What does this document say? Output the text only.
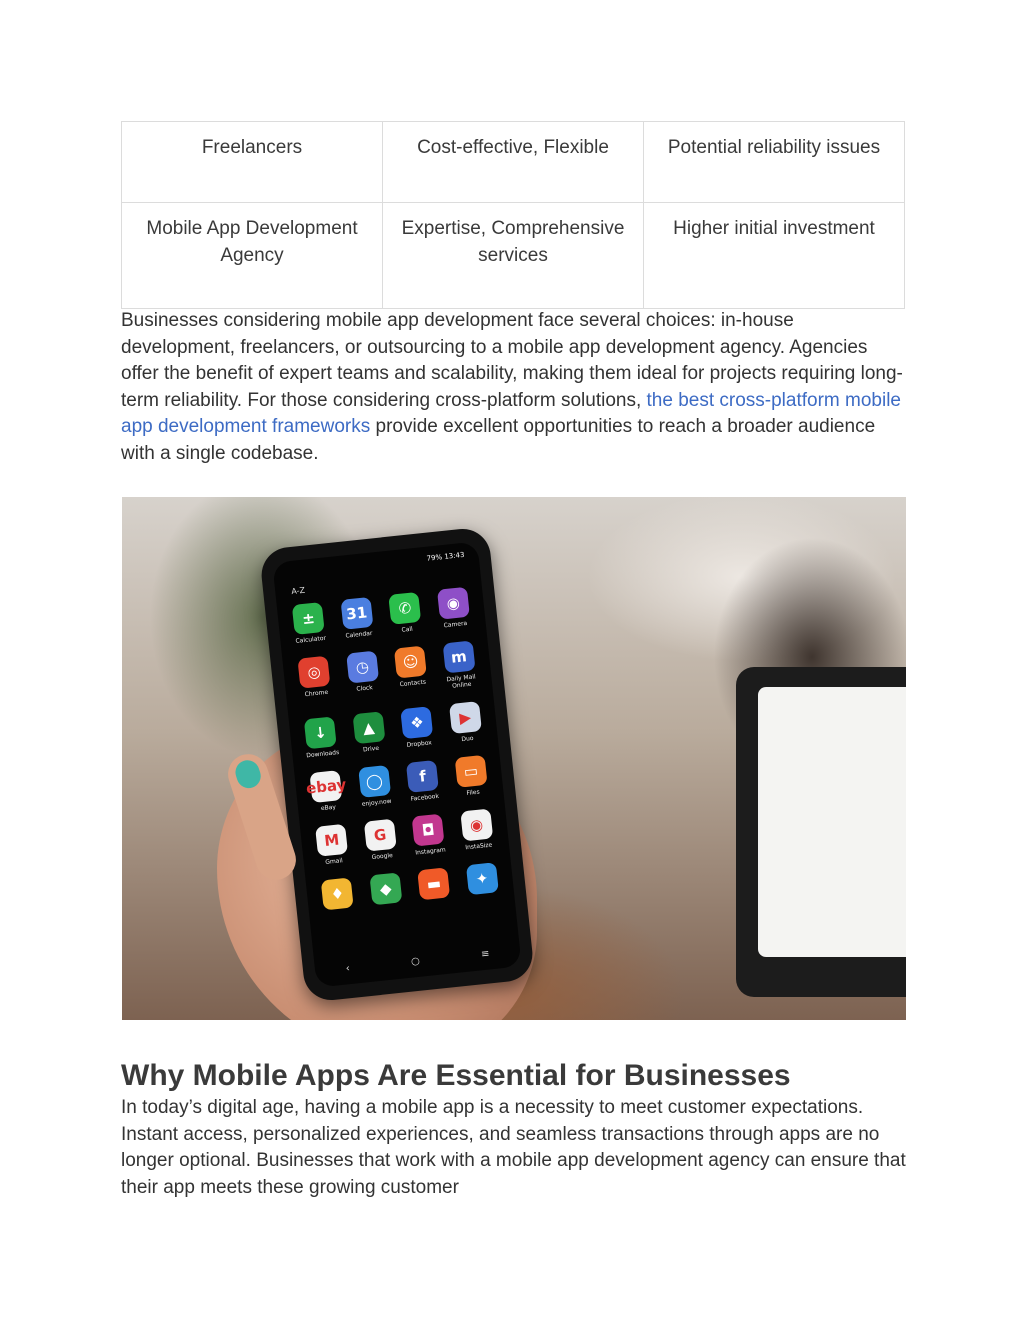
Freelancers	Cost-effective, Flexible	Potential reliability issues
Mobile App Development Agency	Expertise, Comprehensive services	Higher initial investment

Businesses considering mobile app development face several choices: in-house development, freelancers, or outsourcing to a mobile app development agency. Agencies offer the benefit of expert teams and scalability, making them ideal for projects requiring long-term reliability. For those considering cross-platform solutions, the best cross-platform mobile app development frameworks provide excellent opportunities to reach a broader audience with a single codebase.

79% 13:43
A-Z
±
Calculator
31
Calendar
✆
Call
◉
Camera
◎
Chrome
◷
Clock
☺
Contacts
m
Daily Mail Online
↓
Downloads
▲
Drive
❖
Dropbox
▶
Duo
ebay
eBay
◯
enjoy.now
f
Facebook
▭
Files
M
Gmail
G
Google
◘
Instagram
◉
InstaSize
♦	◆	▬	✦
‹
○
≡
Why Mobile Apps Are Essential for Businesses

In today’s digital age, having a mobile app is a necessity to meet customer expectations. Instant access, personalized experiences, and seamless transactions through apps are no longer optional. Businesses that work with a mobile app development agency can ensure that their app meets these growing customer
